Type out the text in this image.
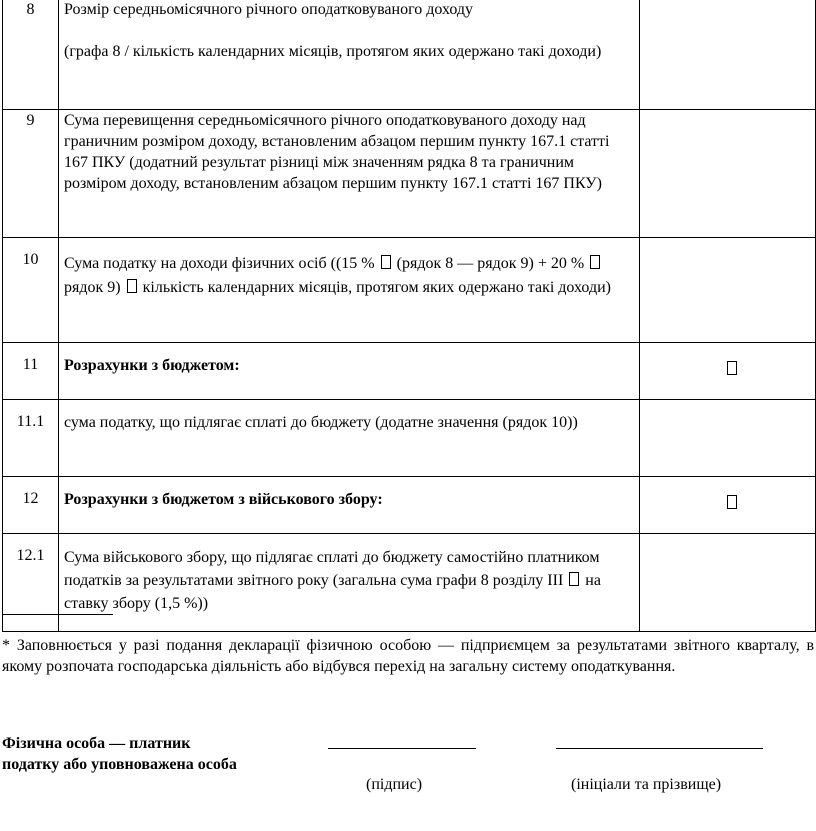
8	Розмір середньомісячного річного оподатковуваного доходу
(графа 8 / кількість календарних місяців, протягом яких одержано такі доходи)	

9	Сума перевищення середньомісячного річного оподатковуваного доходу над граничним розміром доходу, встановленим абзацом першим пункту 167.1 статті 167 ПКУ (додатний результат різниці між значенням рядка 8 та граничним розміром доходу, встановленим абзацом першим пункту 167.1 статті 167 ПКУ)	
10	Сума податку на доходи фізичних осіб ((15 % (рядок 8 — рядок 9) + 20 %  рядок 9) кількість календарних місяців, протягом яких одержано такі доходи)	
11	Розрахунки з бюджетом:	
11.1	сума податку, що підлягає сплаті до бюджету (додатне значення (рядок 10))	
12	Розрахунки з бюджетом з військового збору:	
12.1	Сума військового збору, що підлягає сплаті до бюджету самостійно платником податків за результатами звітного року (загальна сума графи 8 розділу ІІІ на ставку збору (1,5 %))	
* Заповнюється у разі подання декларації фізичною особою — підприємцем за результатами звітного кварталу, в якому розпочата господарська діяльність або відбувся перехід на загальну систему оподаткування.
Фізична особа — платник
податку або уповноважена особа
(підпис)	(ініціали та прізвище)
